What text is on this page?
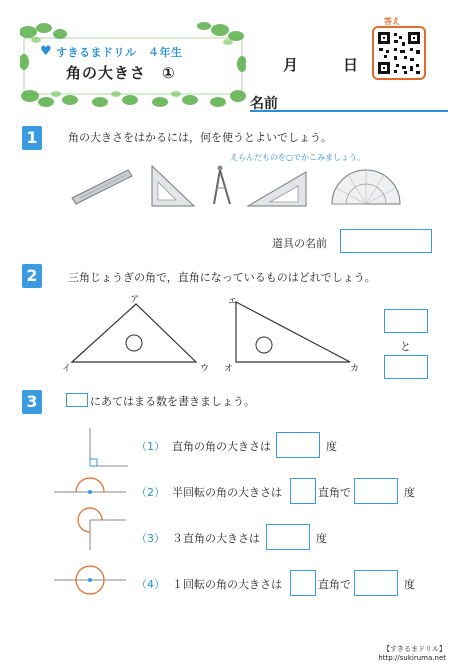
♥ すきるまドリル　４年生
角の大きさ　①	月	日
答え
名前
1	角の大きさをはかるには，何を使うとよいでしょう。
えらんだものを○でかこみましょう。
道具の名前
2	三角じょうぎの角で，直角になっているものはどれでしょう。
ア
イ	ウ
エ
オ	カ
と
3	にあてはまる数を書きましょう。
（1） 直角の角の大きさは	度
（2） 半回転の角の大きさは	直角で	度
（3） ３直角の大きさは	度
（4） １回転の角の大きさは	直角で	度
【すきるまドリル】
http://sukiruma.net
